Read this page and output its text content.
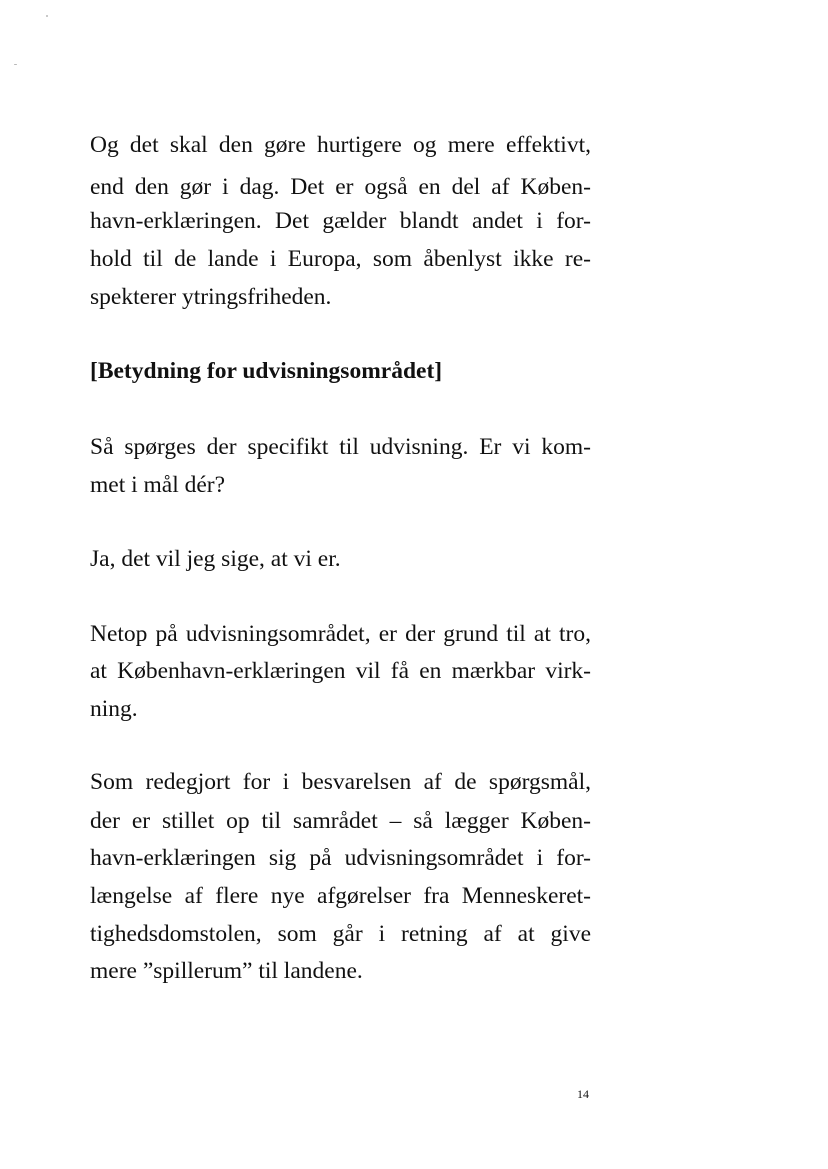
Og det skal den gøre hurtigere og mere effektivt,

end den gør i dag. Det er også en del af Køben-

havn-erklæringen. Det gælder blandt andet i for-

hold til de lande i Europa, som åbenlyst ikke re-

spekterer ytringsfriheden.

[Betydning for udvisningsområdet]

Så spørges der specifikt til udvisning. Er vi kom-

met i mål dér?

Ja, det vil jeg sige, at vi er.

Netop på udvisningsområdet, er der grund til at tro,

at København-erklæringen vil få en mærkbar virk-

ning.

Som redegjort for i besvarelsen af de spørgsmål,

der er stillet op til samrådet – så lægger Køben-

havn-erklæringen sig på udvisningsområdet i for-

længelse af flere nye afgørelser fra Menneskeret-

tighedsdomstolen, som går i retning af at give

mere ”spillerum” til landene.

14
